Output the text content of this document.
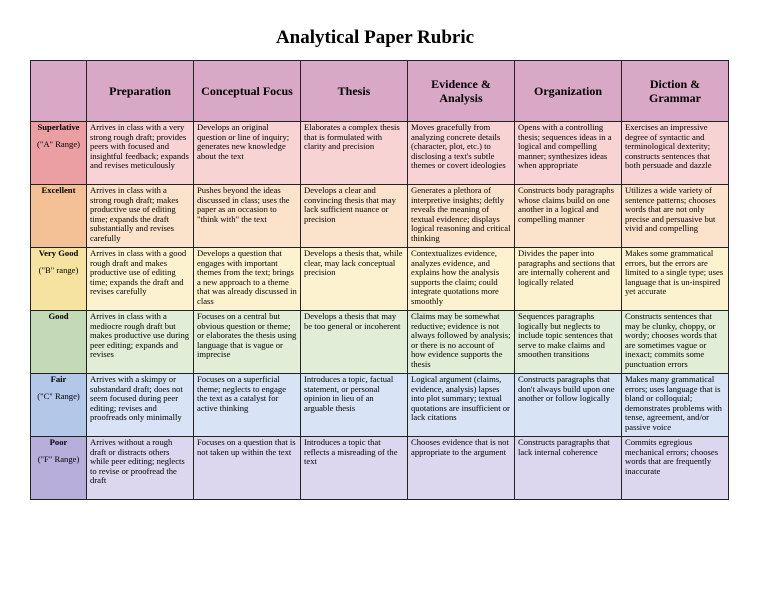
Analytical Paper Rubric
	Preparation	Conceptual Focus	Thesis	Evidence & Analysis	Organization	Diction & Grammar
Superlative
("A" Range)	Arrives in class with a very strong rough draft; provides peers with focused and insightful feedback; expands and revises meticulously	Develops an original question or line of inquiry; generates new knowledge about the text	Elaborates a complex thesis that is formulated with clarity and precision	Moves gracefully from analyzing concrete details (character, plot, etc.) to disclosing a text's subtle themes or covert ideologies	Opens with a controlling thesis; sequences ideas in a logical and compelling manner; synthesizes ideas when appropriate	Exercises an impressive degree of syntactic and terminological dexterity; constructs sentences that both persuade and dazzle
Excellent	Arrives in class with a strong rough draft; makes productive use of editing time; expands the draft substantially and revises carefully	Pushes beyond the ideas discussed in class; uses the paper as an occasion to "think with" the text	Develops a clear and convincing thesis that may lack sufficient nuance or precision	Generates a plethora of interpretive insights; deftly reveals the meaning of textual evidence; displays logical reasoning and critical thinking	Constructs body paragraphs whose claims build on one another in a logical and compelling manner	Utilizes a wide variety of sentence patterns; chooses words that are not only precise and persuasive but vivid and compelling
Very Good
("B" range)	Arrives in class with a good rough draft and makes productive use of editing time; expands the draft and revises carefully	Develops a question that engages with important themes from the text; brings a new approach to a theme that was already discussed in class	Develops a thesis that, while clear, may lack conceptual precision	Contextualizes evidence, analyzes evidence, and explains how the analysis supports the claim; could integrate quotations more smoothly	Divides the paper into paragraphs and sections that are internally coherent and logically related	Makes some grammatical errors, but the errors are limited to a single type; uses language that is un-inspired yet accurate
Good	Arrives in class with a mediocre rough draft but makes productive use during peer editing; expands and revises	Focuses on a central but obvious question or theme; or elaborates the thesis using language that is vague or imprecise	Develops a thesis that may be too general or incoherent	Claims may be somewhat reductive; evidence is not always followed by analysis; or there is no account of how evidence supports the thesis	Sequences paragraphs logically but neglects to include topic sentences that serve to make claims and smoothen transitions	Constructs sentences that may be clunky, choppy, or wordy; chooses words that are sometimes vague or inexact; commits some punctuation errors
Fair
("C" Range)	Arrives with a skimpy or substandard draft; does not seem focused during peer editing; revises and proofreads only minimally	Focuses on a superficial theme; neglects to engage the text as a catalyst for active thinking	Introduces a topic, factual statement, or personal opinion in lieu of an arguable thesis	Logical argument (claims, evidence, analysis) lapses into plot summary; textual quotations are insufficient or lack citations	Constructs paragraphs that don't always build upon one another or follow logically	Makes many grammatical errors; uses language that is bland or colloquial; demonstrates problems with tense, agreement, and/or passive voice
Poor
("F" Range)	Arrives without a rough draft or distracts others while peer editing; neglects to revise or proofread the draft	Focuses on a question that is not taken up within the text	Introduces a topic that reflects a misreading of the text	Chooses evidence that is not appropriate to the argument	Constructs paragraphs that lack internal coherence	Commits egregious mechanical errors; chooses words that are frequently inaccurate
